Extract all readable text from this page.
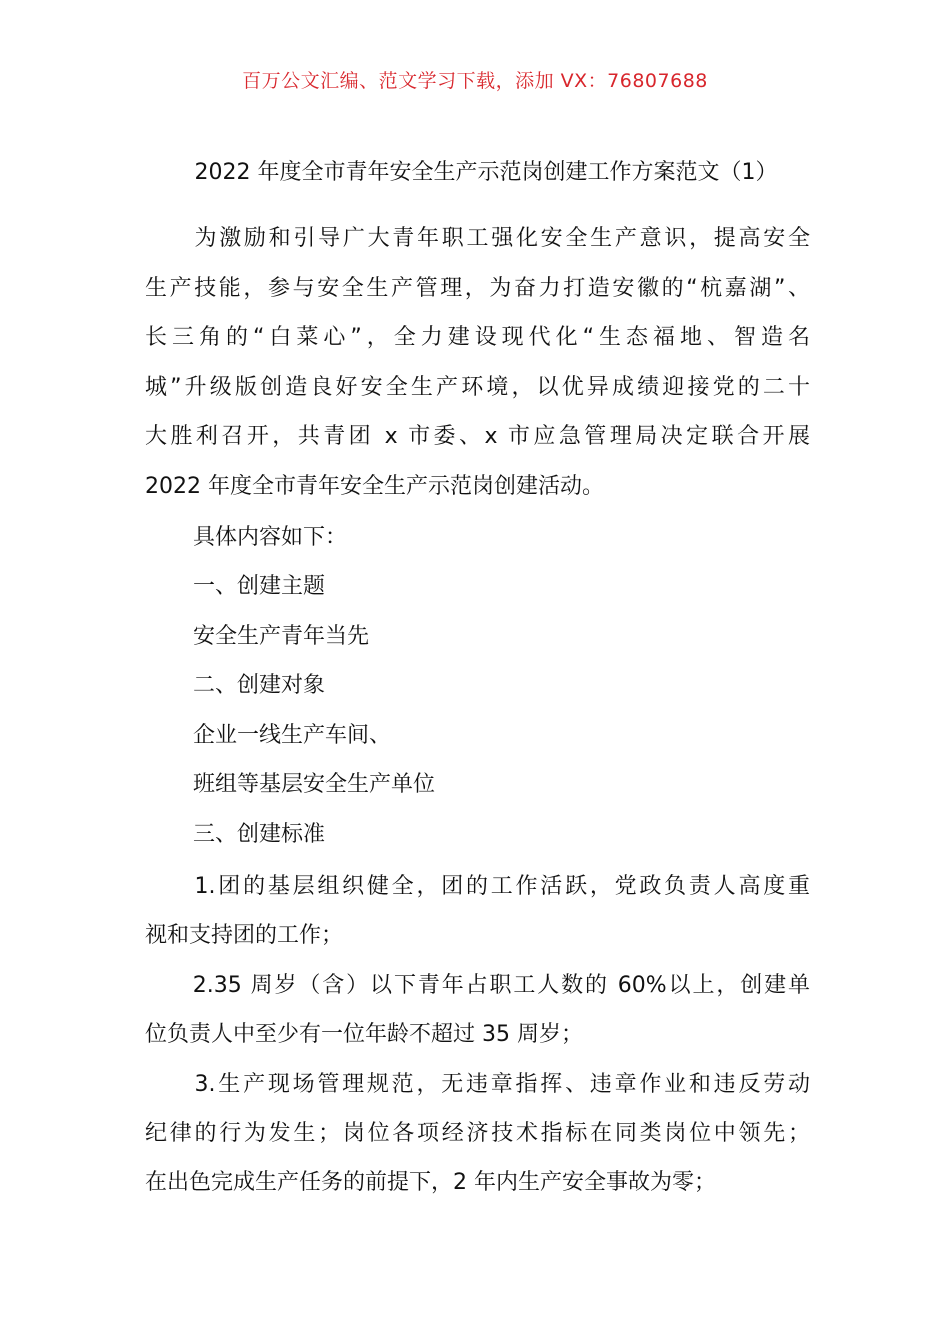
百万公文汇编、范文学习下载，添加 VX：76807688
2022 年度全市青年安全生产示范岗创建工作方案范文（1）
　　为激励和引导广大青年职工强化安全生产意识，提高安全
生产技能，参与安全生产管理，为奋力打造安徽的“杭嘉湖”、
长三角的“白菜心”，全力建设现代化“生态福地、智造名
城”升级版创造良好安全生产环境，以优异成绩迎接党的二十
大胜利召开，共青团 x 市委、x 市应急管理局决定联合开展
2022 年度全市青年安全生产示范岗创建活动。
具体内容如下：
一、创建主题
安全生产青年当先
二、创建对象
企业一线生产车间、
班组等基层安全生产单位
三、创建标准
　　1.团的基层组织健全，团的工作活跃，党政负责人高度重
视和支持团的工作；
　　2.35 周岁（含）以下青年占职工人数的 60%以上，创建单
位负责人中至少有一位年龄不超过 35 周岁；
　　3.生产现场管理规范，无违章指挥、违章作业和违反劳动
纪律的行为发生；岗位各项经济技术指标在同类岗位中领先；
在出色完成生产任务的前提下，2 年内生产安全事故为零；
